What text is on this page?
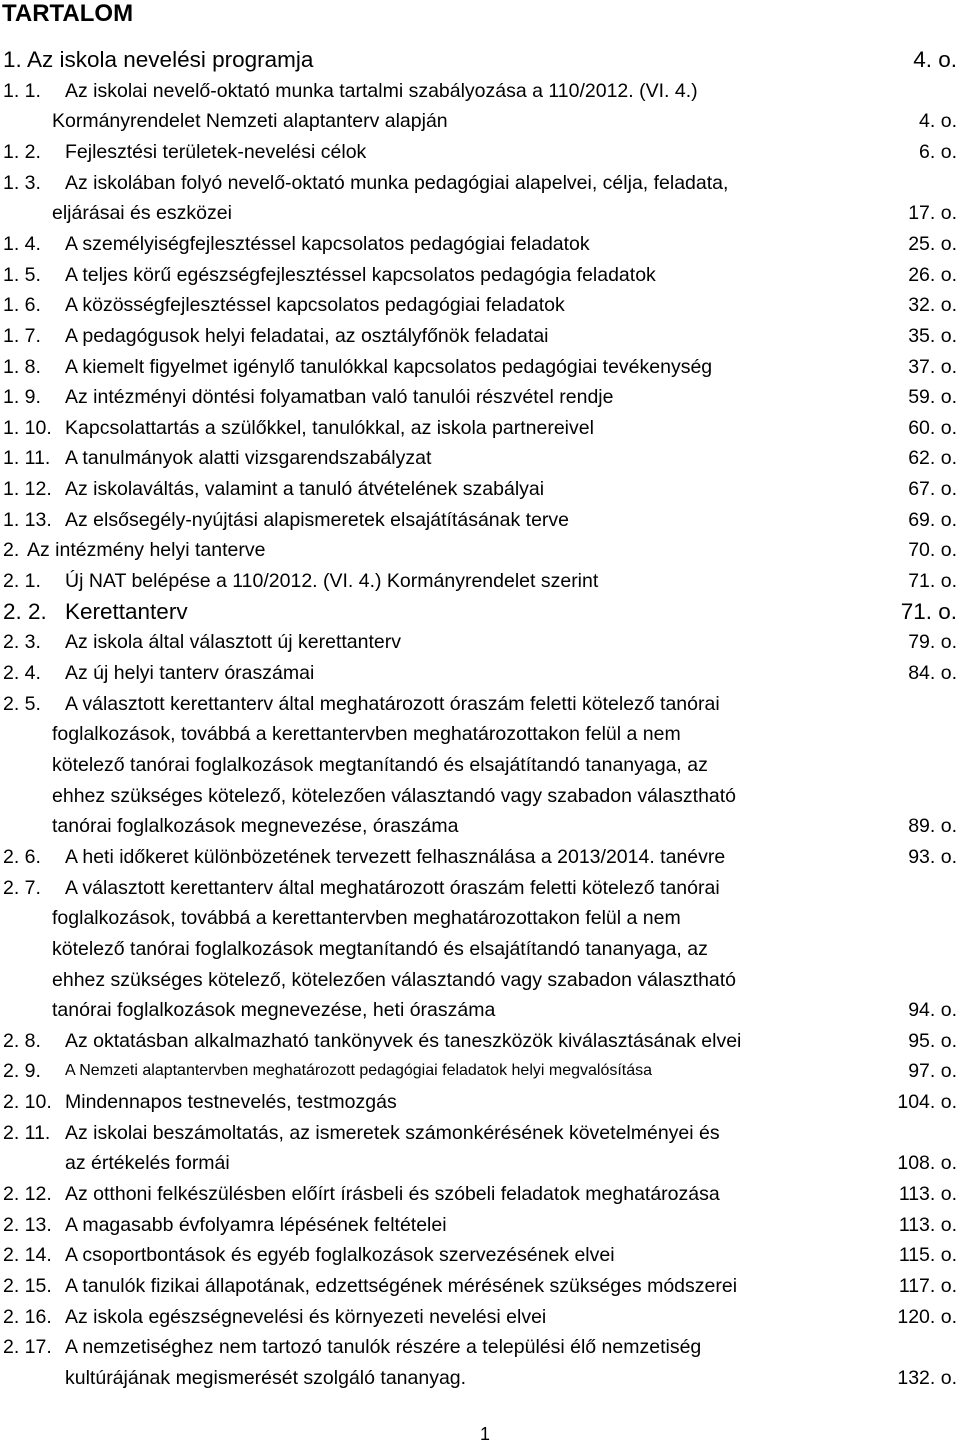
TARTALOM
1. Az iskola nevelési programja	4. o.
1. 1. Az iskolai nevelő-oktató munka tartalmi szabályozása a 110/2012. (VI. 4.)
Kormányrendelet Nemzeti alaptanterv alapján	4. o.
1. 2. Fejlesztési területek-nevelési célok	6. o.
1. 3. Az iskolában folyó nevelő-oktató munka pedagógiai alapelvei, célja, feladata,
eljárásai és eszközei	17. o.
1. 4. A személyiségfejlesztéssel kapcsolatos pedagógiai feladatok	25. o.
1. 5. A teljes körű egészségfejlesztéssel kapcsolatos pedagógia feladatok	26. o.
1. 6. A közösségfejlesztéssel kapcsolatos pedagógiai feladatok	32. o.
1. 7. A pedagógusok helyi feladatai, az osztályfőnök feladatai	35. o.
1. 8. A kiemelt figyelmet igénylő tanulókkal kapcsolatos pedagógiai tevékenység	37. o.
1. 9. Az intézményi döntési folyamatban való tanulói részvétel rendje	59. o.
1. 10. Kapcsolattartás a szülőkkel, tanulókkal, az iskola partnereivel	60. o.
1. 11. A tanulmányok alatti vizsgarendszabályzat	62. o.
1. 12. Az iskolaváltás, valamint a tanuló átvételének szabályai	67. o.
1. 13. Az elsősegély-nyújtási alapismeretek elsajátításának terve	69. o.
2. Az intézmény helyi tanterve	70. o.
2. 1. Új NAT belépése a 110/2012. (VI. 4.) Kormányrendelet szerint	71. o.
2. 2. Kerettanterv	71. o.
2. 3. Az iskola által választott új kerettanterv	79. o.
2. 4. Az új helyi tanterv óraszámai	84. o.
2. 5. A választott kerettanterv által meghatározott óraszám feletti kötelező tanórai
foglalkozások, továbbá a kerettantervben meghatározottakon felül a nem
kötelező tanórai foglalkozások megtanítandó és elsajátítandó tananyaga, az
ehhez szükséges kötelező, kötelezően választandó vagy szabadon választható
tanórai foglalkozások megnevezése, óraszáma	89. o.
2. 6. A heti időkeret különbözetének tervezett felhasználása a 2013/2014. tanévre	93. o.
2. 7. A választott kerettanterv által meghatározott óraszám feletti kötelező tanórai
foglalkozások, továbbá a kerettantervben meghatározottakon felül a nem
kötelező tanórai foglalkozások megtanítandó és elsajátítandó tananyaga, az
ehhez szükséges kötelező, kötelezően választandó vagy szabadon választható
tanórai foglalkozások megnevezése, heti óraszáma	94. o.
2. 8. Az oktatásban alkalmazható tankönyvek és taneszközök kiválasztásának elvei	95. o.
2. 9. A Nemzeti alaptantervben meghatározott pedagógiai feladatok helyi megvalósítása	97. o.
2. 10. Mindennapos testnevelés, testmozgás	104. o.
2. 11. Az iskolai beszámoltatás, az ismeretek számonkérésének követelményei és
az értékelés formái	108. o.
2. 12. Az otthoni felkészülésben előírt írásbeli és szóbeli feladatok meghatározása	113. o.
2. 13. A magasabb évfolyamra lépésének feltételei	113. o.
2. 14. A csoportbontások és egyéb foglalkozások szervezésének elvei	115. o.
2. 15. A tanulók fizikai állapotának, edzettségének mérésének szükséges módszerei	117. o.
2. 16. Az iskola egészségnevelési és környezeti nevelési elvei	120. o.
2. 17. A nemzetiséghez nem tartozó tanulók részére a települési élő nemzetiség
kultúrájának megismerését szolgáló tananyag.	132. o.
1
